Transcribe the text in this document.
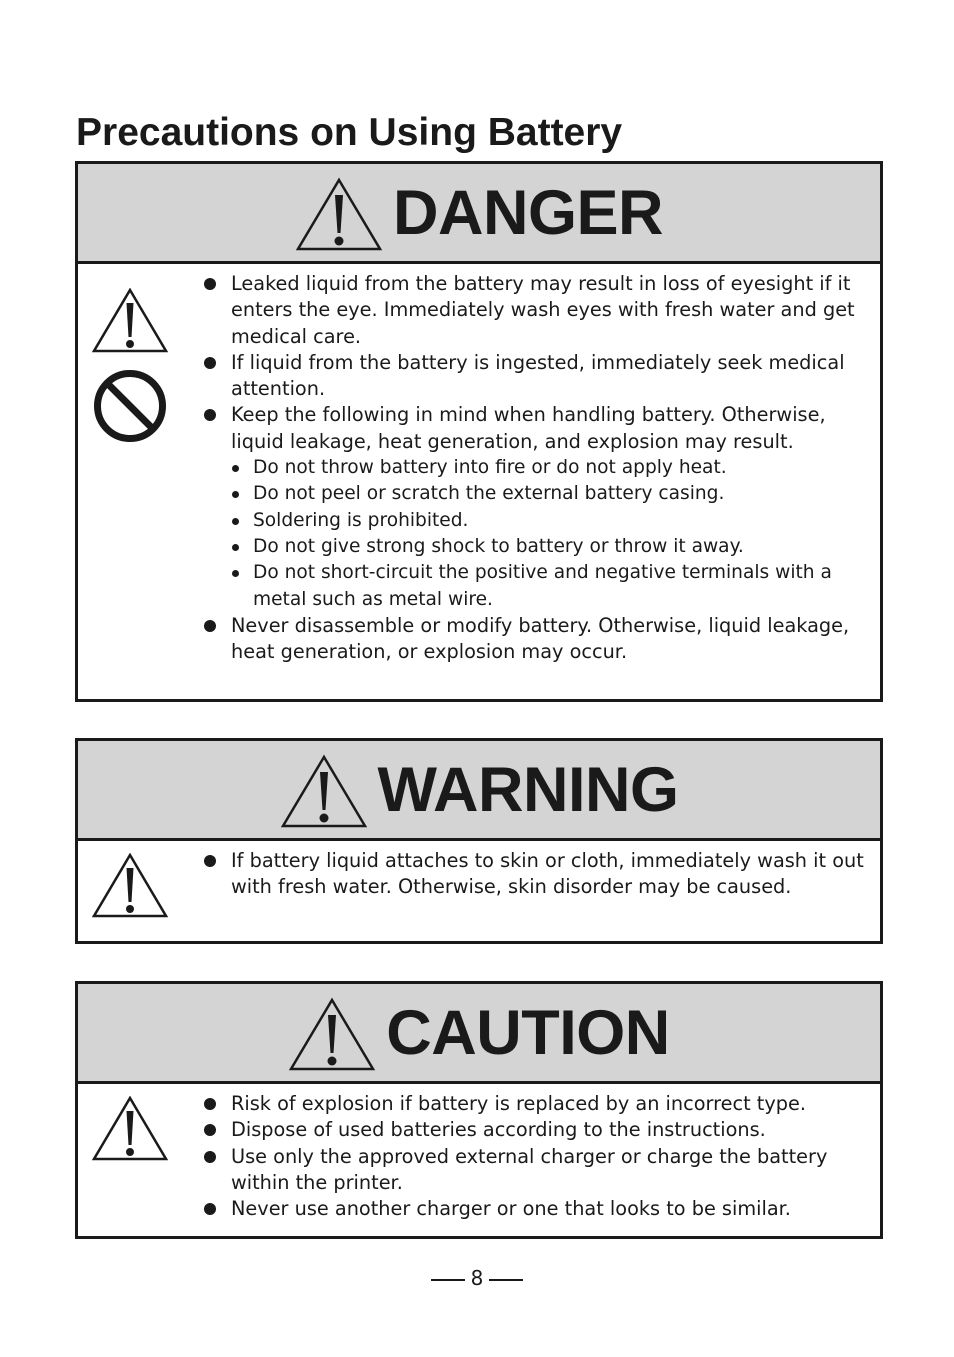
Precautions on Using Battery
DANGER
Leaked liquid from the battery may result in loss of eyesight if it enters the eye. Immediately wash eyes with fresh water and get medical care.
If liquid from the battery is ingested, immediately seek medical attention.
Keep the following in mind when handling battery. Otherwise, liquid leakage, heat generation, and explosion may result.
Do not throw battery into fire or do not apply heat.
Do not peel or scratch the external battery casing.
Soldering is prohibited.
Do not give strong shock to battery or throw it away.
Do not short-circuit the positive and negative terminals with a metal such as metal wire.
Never disassemble or modify battery. Otherwise, liquid leakage, heat generation, or explosion may occur.
WARNING
If battery liquid attaches to skin or cloth, immediately wash it out with fresh water. Otherwise, skin disorder may be caused.
CAUTION
Risk of explosion if battery is replaced by an incorrect type.
Dispose of used batteries according to the instructions.
Use only the approved external charger or charge the battery within the printer.
Never use another charger or one that looks to be similar.
8
